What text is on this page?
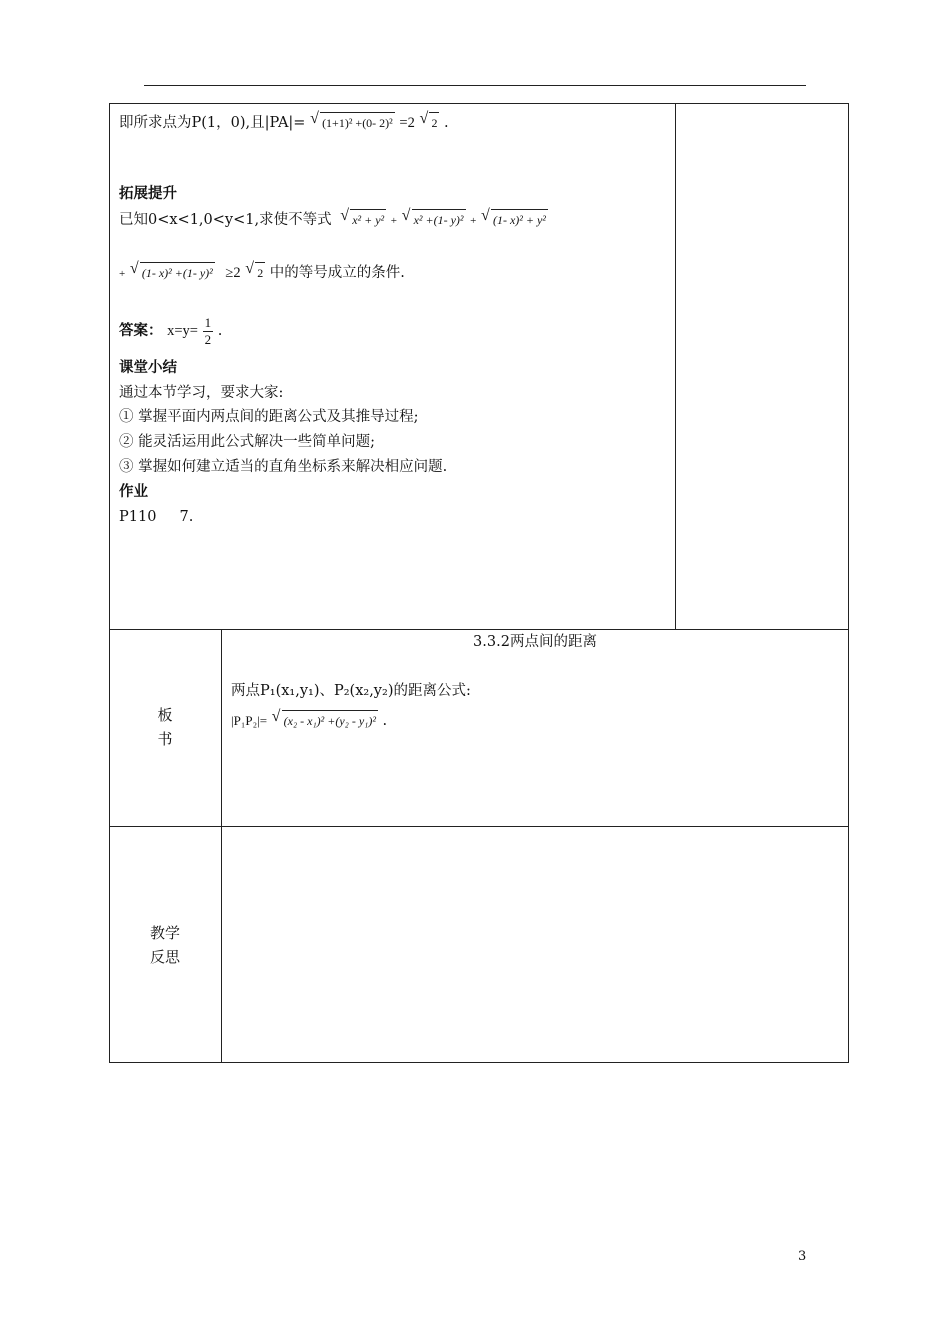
即所求点为P(1，0),且|PA|= √ (1+1)² +(0- 2)² =2 √ 2 .
拓展提升
已知0<x<1,0<y<1,求使不等式 √ x² + y² + √ x² +(1- y)² + √ (1- x)² + y²
+ √ (1- x)² +(1- y)² ≥2 √ 2 中的等号成立的条件.
答案： $x=y= \frac{1}{2}$ .
课堂小结
通过本节学习，要求大家:
① 掌握平面内两点间的距离公式及其推导过程;
② 能灵活运用此公式解决一些简单问题;
③ 掌握如何建立适当的直角坐标系来解决相应问题.
作业
P110     7.
板
书
3.3.2两点间的距离
两点P₁(x₁,y₁)、P₂(x₂,y₂)的距离公式:
|P₁P₂|= √ (x₂ - x₁)² +(y₂ - y₁)² .
教学
反思
3
